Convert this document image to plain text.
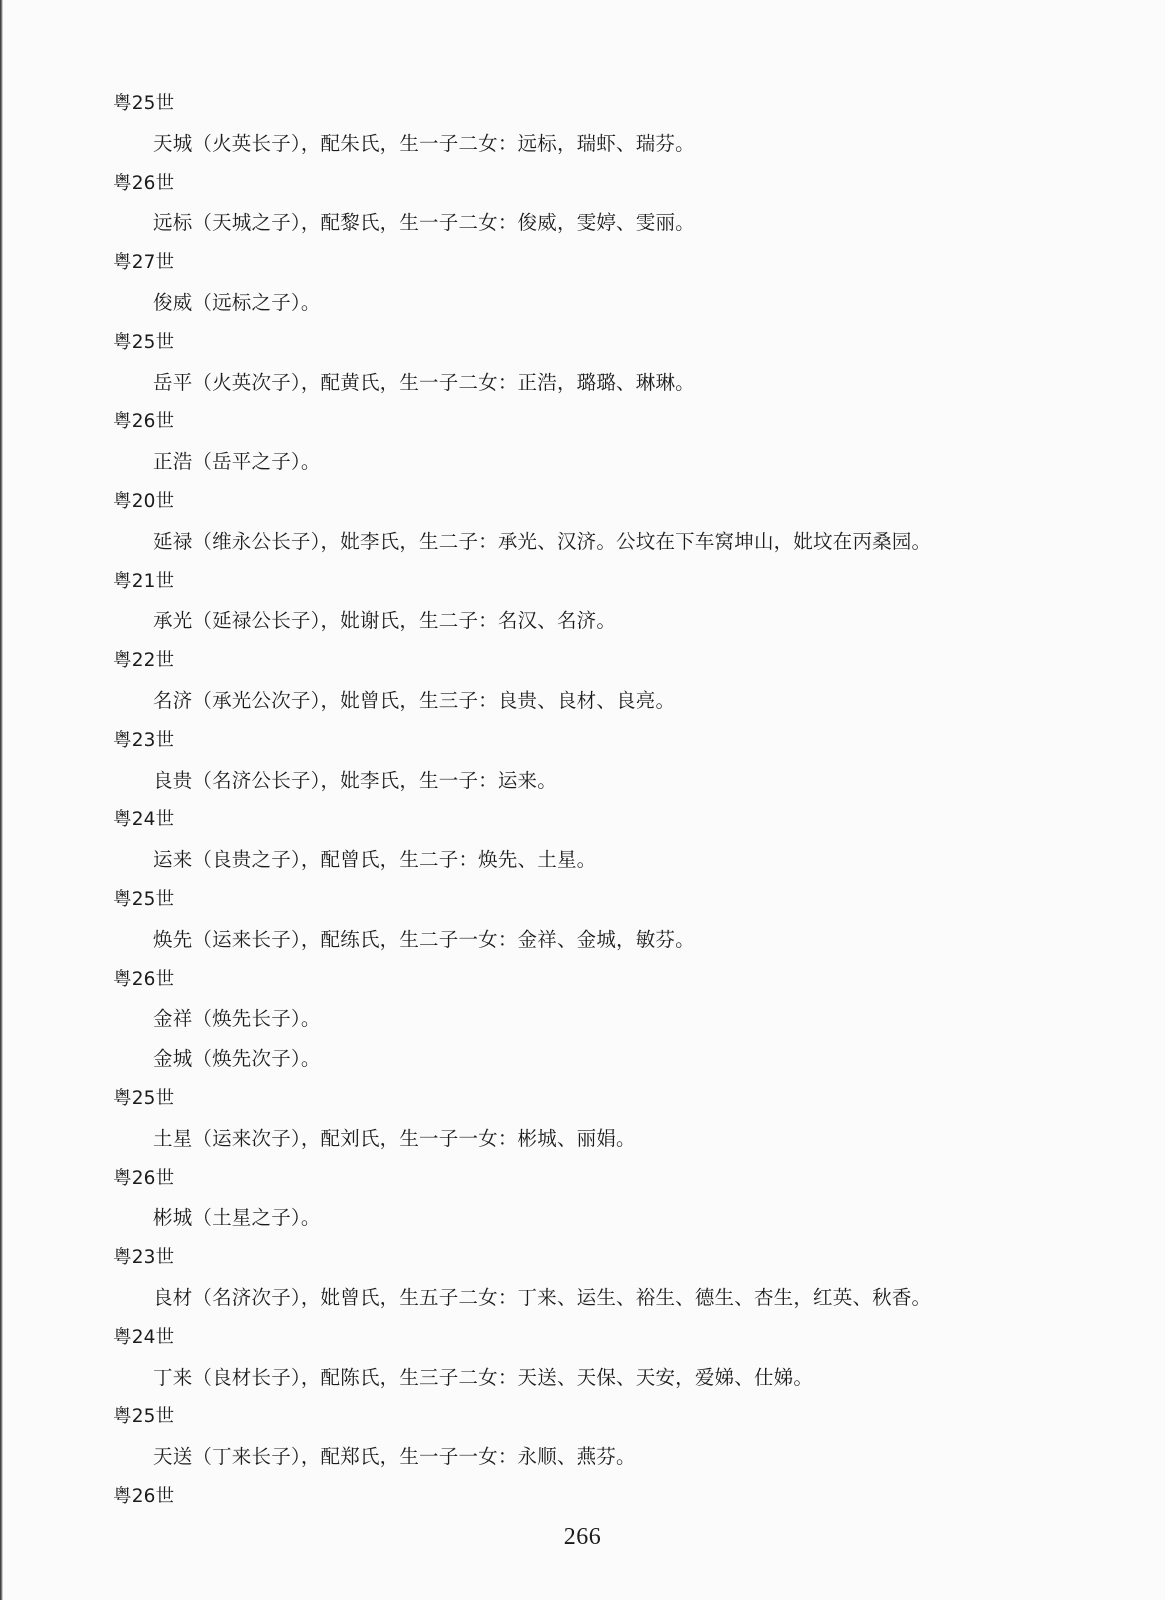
粤25世
天城（火英长子），配朱氏，生一子二女：远标，瑞虾、瑞芬。
粤26世
远标（天城之子），配黎氏，生一子二女：俊威，雯婷、雯丽。
粤27世
俊威（远标之子）。
粤25世
岳平（火英次子），配黄氏，生一子二女：正浩，璐璐、琳琳。
粤26世
正浩（岳平之子）。
粤20世
延禄（维永公长子），妣李氏，生二子：承光、汉济。公坟在下车窝坤山，妣坟在丙桑园。
粤21世
承光（延禄公长子），妣谢氏，生二子：名汉、名济。
粤22世
名济（承光公次子），妣曾氏，生三子：良贵、良材、良亮。
粤23世
良贵（名济公长子），妣李氏，生一子：运来。
粤24世
运来（良贵之子），配曾氏，生二子：焕先、土星。
粤25世
焕先（运来长子），配练氏，生二子一女：金祥、金城，敏芬。
粤26世
金祥（焕先长子）。
金城（焕先次子）。
粤25世
土星（运来次子），配刘氏，生一子一女：彬城、丽娟。
粤26世
彬城（土星之子）。
粤23世
良材（名济次子），妣曾氏，生五子二女：丁来、运生、裕生、德生、杏生，红英、秋香。
粤24世
丁来（良材长子），配陈氏，生三子二女：天送、天保、天安，爱娣、仕娣。
粤25世
天送（丁来长子），配郑氏，生一子一女：永顺、燕芬。
粤26世
266
